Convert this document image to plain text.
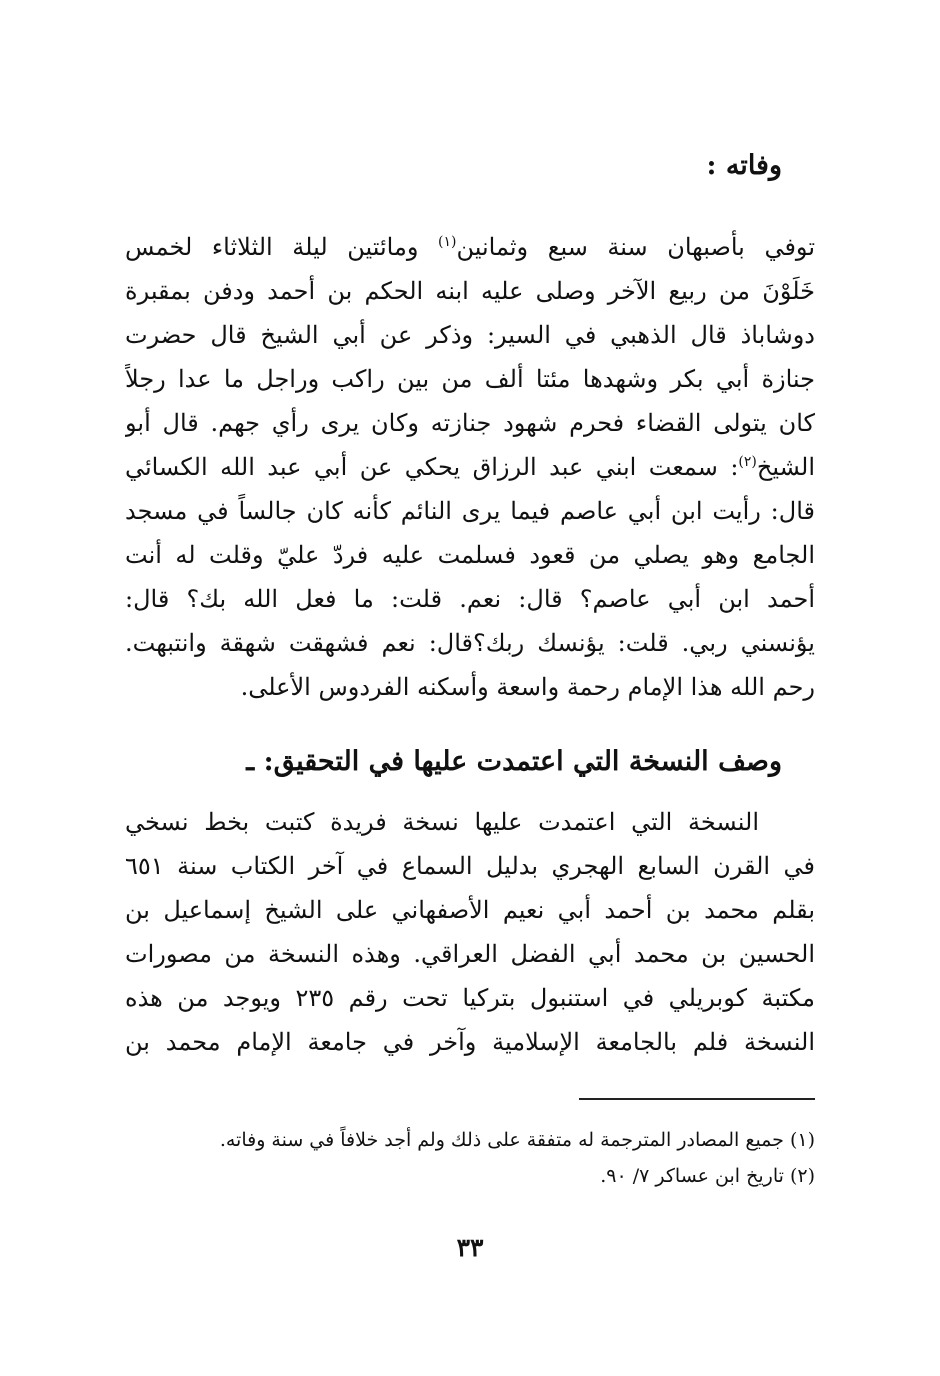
وفاته :
توفي بأصبهان سنة سبع وثمانين$^{(١)}$ ومائتين ليلة الثلاثاء لخمس
خَلَوْنَ من ربيع الآخر وصلى عليه ابنه الحكم بن أحمد ودفن بمقبرة
دوشاباذ قال الذهبي في السير: وذكر عن أبي الشيخ قال حضرت
جنازة أبي بكر وشهدها مئتا ألف من بين راكب وراجل ما عدا رجلاً
كان يتولى القضاء فحرم شهود جنازته وكان يرى رأي جهم. قال أبو
الشيخ$^{(٢)}$: سمعت ابني عبد الرزاق يحكي عن أبي عبد الله الكسائي
قال: رأيت ابن أبي عاصم فيما يرى النائم كأنه كان جالساً في مسجد
الجامع وهو يصلي من قعود فسلمت عليه فردّ عليّ وقلت له أنت
أحمد ابن أبي عاصم؟ قال: نعم. قلت: ما فعل الله بك؟ قال:
يؤنسني ربي. قلت: يؤنسك ربك؟قال: نعم فشهقت شهقة وانتبهت.
رحم الله هذا الإمام رحمة واسعة وأسكنه الفردوس الأعلى.
وصف النسخة التي اعتمدت عليها في التحقيق: ـ
النسخة التي اعتمدت عليها نسخة فريدة كتبت بخط نسخي
في القرن السابع الهجري بدليل السماع في آخر الكتاب سنة ٦٥١
بقلم محمد بن أحمد أبي نعيم الأصفهاني على الشيخ إسماعيل بن
الحسين بن محمد أبي الفضل العراقي. وهذه النسخة من مصورات
مكتبة كوبريلي في استنبول بتركيا تحت رقم ٢٣٥ ويوجد من هذه
النسخة فلم بالجامعة الإسلامية وآخر في جامعة الإمام محمد بن
(١) جميع المصادر المترجمة له متفقة على ذلك ولم أجد خلافاً في سنة وفاته.
(٢) تاريخ ابن عساكر ٧/ ٩٠.
٣٣
